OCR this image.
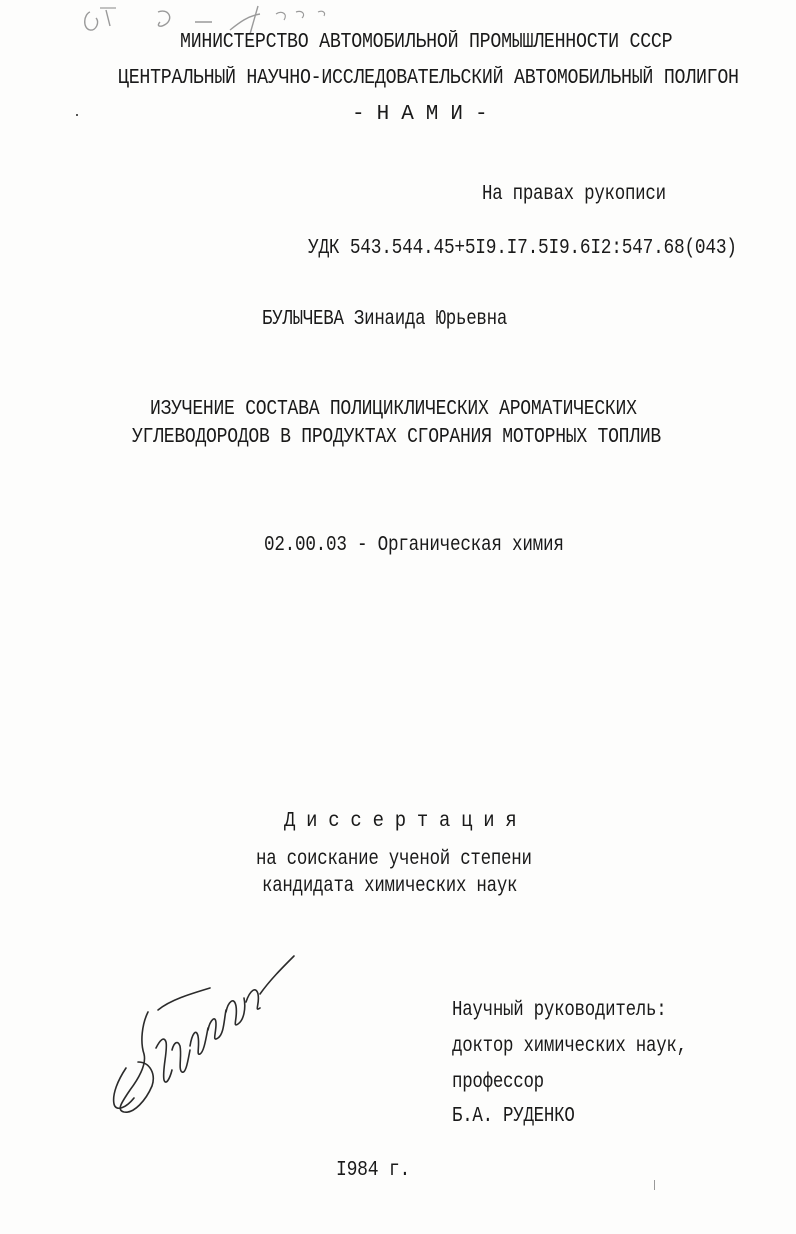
МИНИСТЕРСТВО АВТОМОБИЛЬНОЙ ПРОМЫШЛЕННОСТИ СССР
ЦЕНТРАЛЬНЫЙ НАУЧНО-ИССЛЕДОВАТЕЛЬСКИЙ АВТОМОБИЛЬНЫЙ ПОЛИГОН
- Н А М И -
На правах рукописи
УДК 543.544.45+5I9.I7.5I9.6I2:547.68(043)
БУЛЫЧЕВА Зинаида Юрьевна
ИЗУЧЕНИЕ СОСТАВА ПОЛИЦИКЛИЧЕСКИХ АРОМАТИЧЕСКИХ
УГЛЕВОДОРОДОВ В ПРОДУКТАХ СГОРАНИЯ МОТОРНЫХ ТОПЛИВ
02.00.03 - Органическая химия
Д и с с е р т а ц и я
на соискание ученой степени
кандидата химических наук
Научный руководитель:
доктор химических наук,
профессор
Б.А. РУДЕНКО
I984 г.
